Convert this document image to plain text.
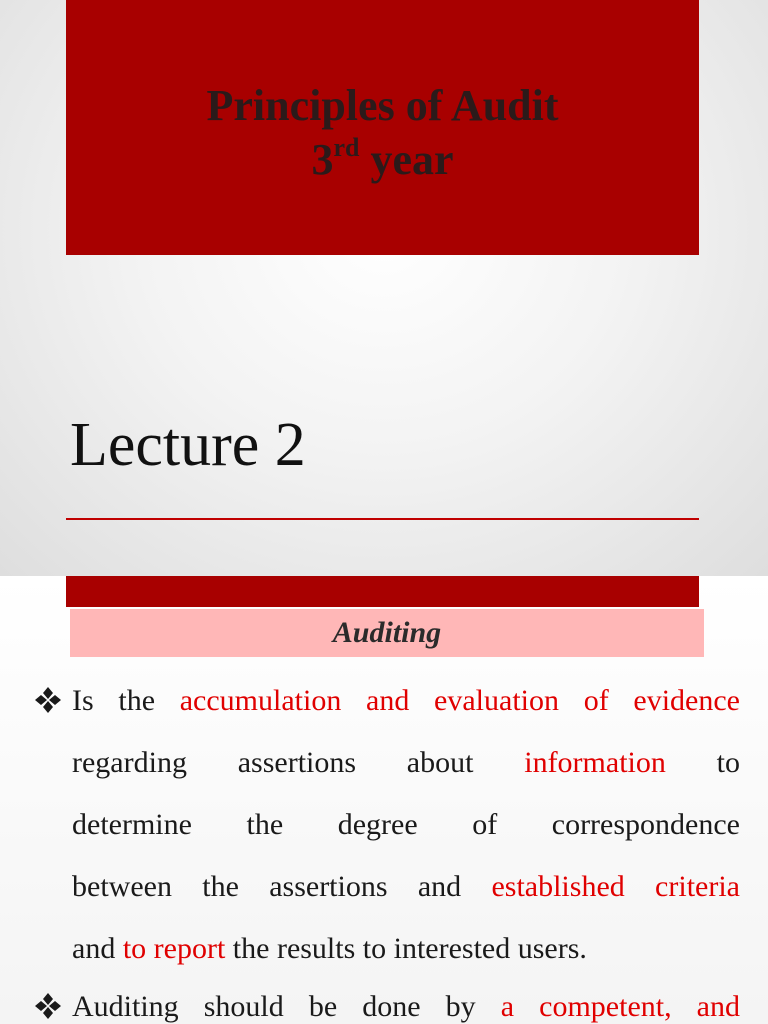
Principles of Audit
3rd year
Lecture 2
Auditing
Is the accumulation and evaluation of evidence
regarding assertions about information to
determine the degree of correspondence
between the assertions and established criteria
and to report the results to interested users.
Auditing should be done by a competent, and
